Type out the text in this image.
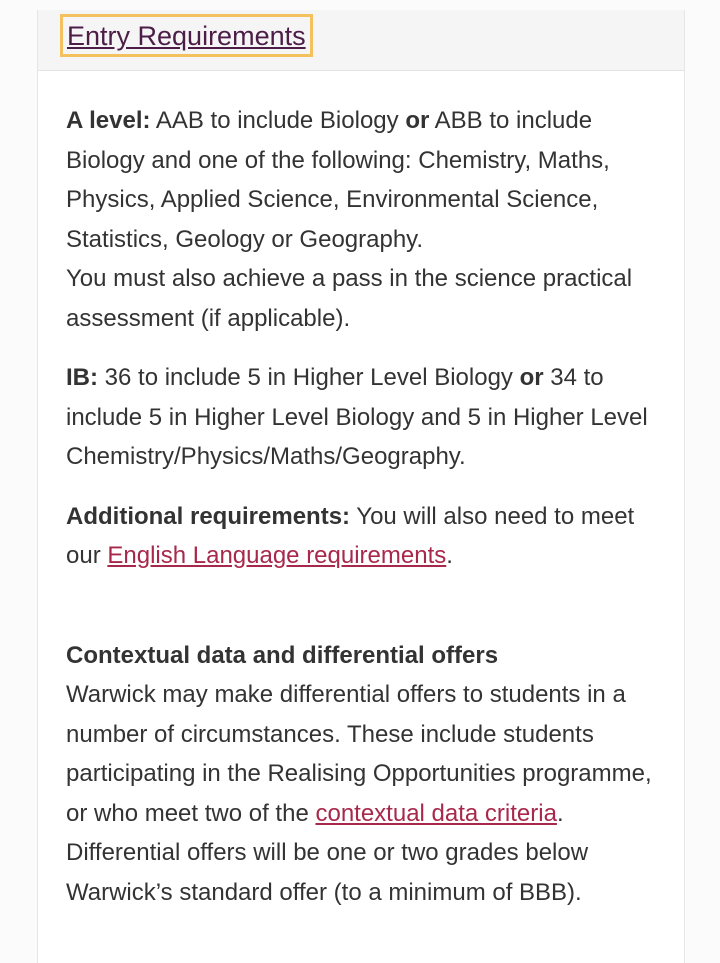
Entry Requirements

A level: AAB to include Biology or ABB to include Biology and one of the following: Chemistry, Maths, Physics, Applied Science, Environmental Science, Statistics, Geology or Geography.
You must also achieve a pass in the science practical assessment (if applicable).

IB: 36 to include 5 in Higher Level Biology or 34 to include 5 in Higher Level Biology and 5 in Higher Level Chemistry/Physics/Maths/Geography.

Additional requirements: You will also need to meet our English Language requirements.

Contextual data and differential offers
Warwick may make differential offers to students in a number of circumstances. These include students participating in the Realising Opportunities programme, or who meet two of the contextual data criteria. Differential offers will be one or two grades below Warwick’s standard offer (to a minimum of BBB).
